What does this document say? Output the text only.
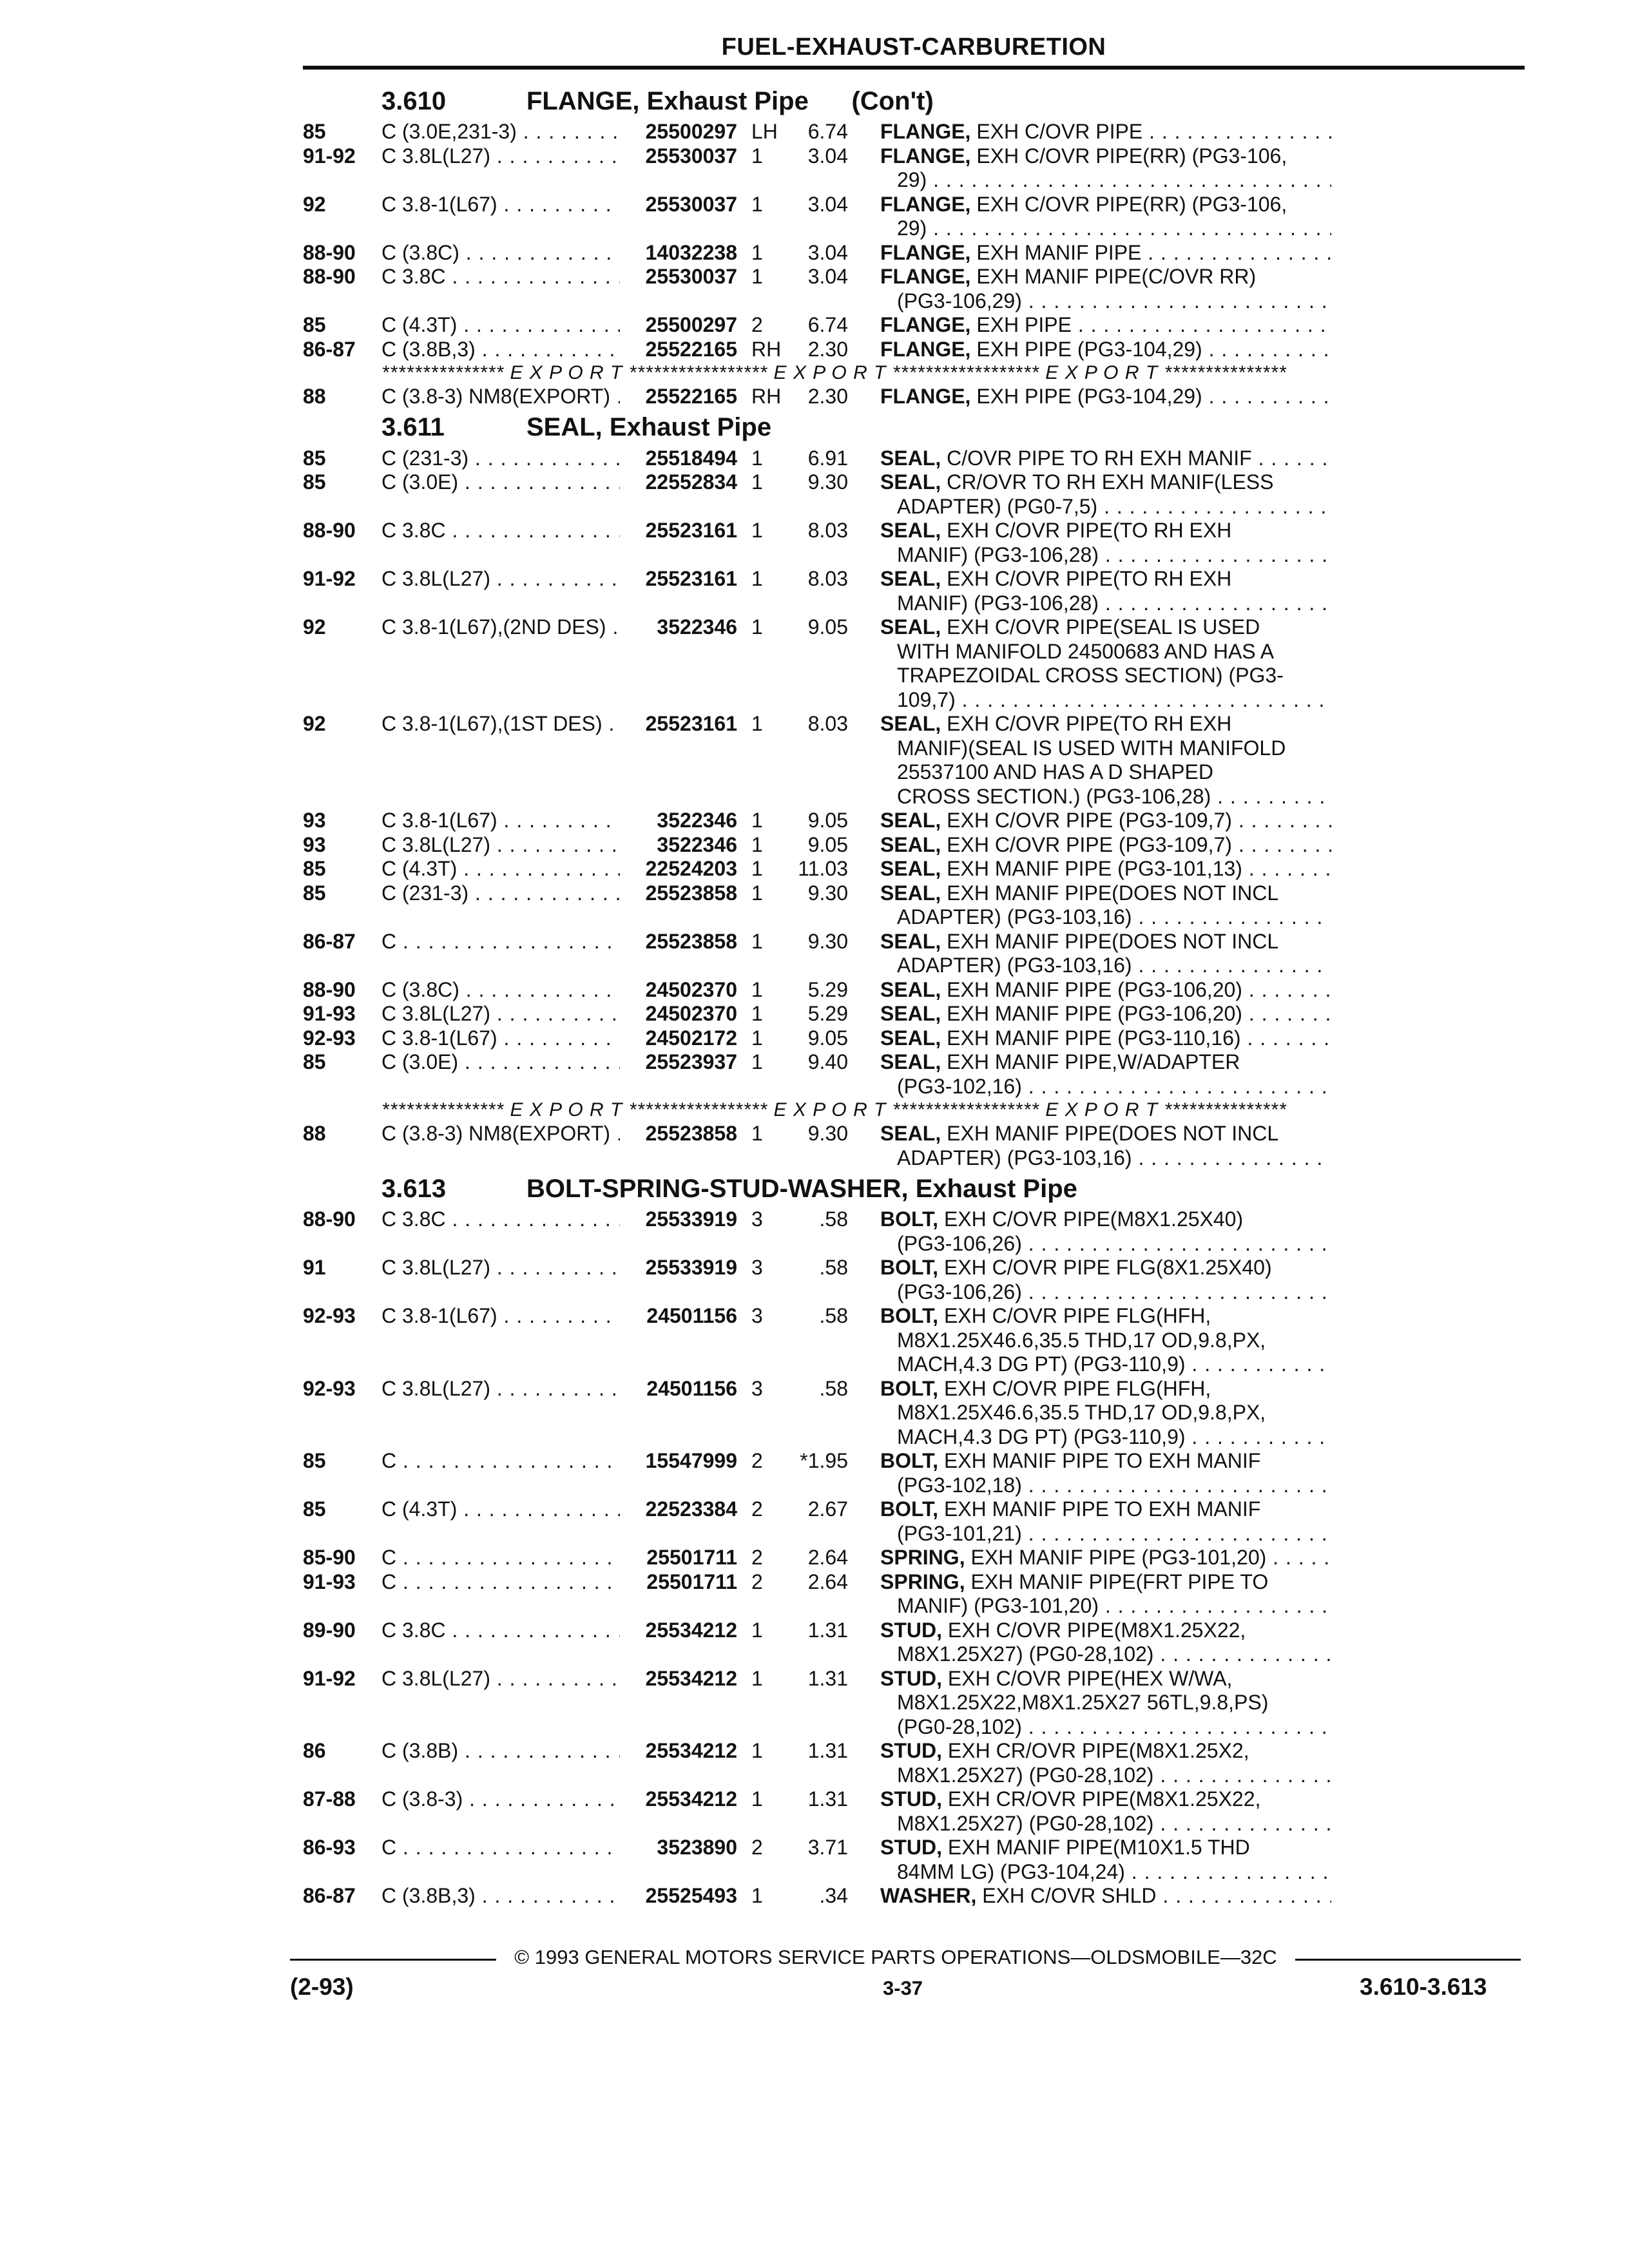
FUEL-EXHAUST-CARBURETION
3.610	FLANGE, Exhaust Pipe      (Con't)
85	C (3.0E,231-3) . . .	25500297 LH	6.74 FLANGE, EXH C/OVR PIPE . . .
91-92	C 3.8L(L27) . . .	25530037 1	3.04 FLANGE, EXH C/OVR PIPE(RR) (PG3-106,
29) . . .
92	C 3.8-1(L67) . . .	25530037 1	3.04 FLANGE, EXH C/OVR PIPE(RR) (PG3-106,
29) . . .
88-90	C (3.8C) . . .	14032238 1	3.04 FLANGE, EXH MANIF PIPE . . .
88-90	C 3.8C . . .	25530037 1	3.04 FLANGE, EXH MANIF PIPE(C/OVR RR)
(PG3-106,29) . . .
85	C (4.3T) . . .	25500297 2	6.74 FLANGE, EXH PIPE . . .
86-87	C (3.8B,3) . . .	25522165 RH	2.30 FLANGE, EXH PIPE (PG3-104,29) . . .
*************** E X P O R T ***************** E X P O R T ****************** E X P O R T ***************
88	C (3.8-3) NM8(EXPORT) . . .	25522165 RH	2.30 FLANGE, EXH PIPE (PG3-104,29) . . .
3.611	SEAL, Exhaust Pipe
85	C (231-3) . . .	25518494 1	6.91 SEAL, C/OVR PIPE TO RH EXH MANIF . . .
85	C (3.0E) . . .	22552834 1	9.30 SEAL, CR/OVR TO RH EXH MANIF(LESS
ADAPTER) (PG0-7,5) . . .
88-90	C 3.8C . . .	25523161 1	8.03 SEAL, EXH C/OVR PIPE(TO RH EXH
MANIF) (PG3-106,28) . . .
91-92	C 3.8L(L27) . . .	25523161 1	8.03 SEAL, EXH C/OVR PIPE(TO RH EXH
MANIF) (PG3-106,28) . . .
92	C 3.8-1(L67),(2ND DES) . . .	3522346 1	9.05 SEAL, EXH C/OVR PIPE(SEAL IS USED
WITH MANIFOLD 24500683 AND HAS A
TRAPEZOIDAL CROSS SECTION) (PG3-
109,7) . . .
92	C 3.8-1(L67),(1ST DES) . . .	25523161 1	8.03 SEAL, EXH C/OVR PIPE(TO RH EXH
MANIF)(SEAL IS USED WITH MANIFOLD
25537100 AND HAS A D SHAPED
CROSS SECTION.) (PG3-106,28) . . .
93	C 3.8-1(L67) . . .	3522346 1	9.05 SEAL, EXH C/OVR PIPE (PG3-109,7) . . .
93	C 3.8L(L27) . . .	3522346 1	9.05 SEAL, EXH C/OVR PIPE (PG3-109,7) . . .
85	C (4.3T) . . .	22524203 1	11.03 SEAL, EXH MANIF PIPE (PG3-101,13) . . .
85	C (231-3) . . .	25523858 1	9.30 SEAL, EXH MANIF PIPE(DOES NOT INCL
ADAPTER) (PG3-103,16) . . .
86-87	C . . .	25523858 1	9.30 SEAL, EXH MANIF PIPE(DOES NOT INCL
ADAPTER) (PG3-103,16) . . .
88-90	C (3.8C) . . .	24502370 1	5.29 SEAL, EXH MANIF PIPE (PG3-106,20) . . .
91-93	C 3.8L(L27) . . .	24502370 1	5.29 SEAL, EXH MANIF PIPE (PG3-106,20) . . .
92-93	C 3.8-1(L67) . . .	24502172 1	9.05 SEAL, EXH MANIF PIPE (PG3-110,16) . . .
85	C (3.0E) . . .	25523937 1	9.40 SEAL, EXH MANIF PIPE,W/ADAPTER
(PG3-102,16) . . .
*************** E X P O R T ***************** E X P O R T ****************** E X P O R T ***************
88	C (3.8-3) NM8(EXPORT) . . .	25523858 1	9.30 SEAL, EXH MANIF PIPE(DOES NOT INCL
ADAPTER) (PG3-103,16) . . .
3.613	BOLT-SPRING-STUD-WASHER, Exhaust Pipe
88-90	C 3.8C . . .	25533919 3	.58 BOLT, EXH C/OVR PIPE(M8X1.25X40)
(PG3-106,26) . . .
91	C 3.8L(L27) . . .	25533919 3	.58 BOLT, EXH C/OVR PIPE FLG(8X1.25X40)
(PG3-106,26) . . .
92-93	C 3.8-1(L67) . . .	24501156 3	.58 BOLT, EXH C/OVR PIPE FLG(HFH,
M8X1.25X46.6,35.5 THD,17 OD,9.8,PX,
MACH,4.3 DG PT) (PG3-110,9) . . .
92-93	C 3.8L(L27) . . .	24501156 3	.58 BOLT, EXH C/OVR PIPE FLG(HFH,
M8X1.25X46.6,35.5 THD,17 OD,9.8,PX,
MACH,4.3 DG PT) (PG3-110,9) . . .
85	C . . .	15547999 2	*1.95 BOLT, EXH MANIF PIPE TO EXH MANIF
(PG3-102,18) . . .
85	C (4.3T) . . .	22523384 2	2.67 BOLT, EXH MANIF PIPE TO EXH MANIF
(PG3-101,21) . . .
85-90	C . . .	25501711 2	2.64 SPRING, EXH MANIF PIPE (PG3-101,20) . . .
91-93	C . . .	25501711 2	2.64 SPRING, EXH MANIF PIPE(FRT PIPE TO
MANIF) (PG3-101,20) . . .
89-90	C 3.8C . . .	25534212 1	1.31 STUD, EXH C/OVR PIPE(M8X1.25X22,
M8X1.25X27) (PG0-28,102) . . .
91-92	C 3.8L(L27) . . .	25534212 1	1.31 STUD, EXH C/OVR PIPE(HEX W/WA,
M8X1.25X22,M8X1.25X27 56TL,9.8,PS)
(PG0-28,102) . . .
86	C (3.8B) . . .	25534212 1	1.31 STUD, EXH CR/OVR PIPE(M8X1.25X2,
M8X1.25X27) (PG0-28,102) . . .
87-88	C (3.8-3) . . .	25534212 1	1.31 STUD, EXH CR/OVR PIPE(M8X1.25X22,
M8X1.25X27) (PG0-28,102) . . .
86-93	C . . .	3523890 2	3.71 STUD, EXH MANIF PIPE(M10X1.5 THD
84MM LG) (PG3-104,24) . . .
86-87	C (3.8B,3) . . .	25525493 1	.34 WASHER, EXH C/OVR SHLD . . .
© 1993 GENERAL MOTORS SERVICE PARTS OPERATIONS—OLDSMOBILE—32C
(2-93)	3-37	3.610-3.613
